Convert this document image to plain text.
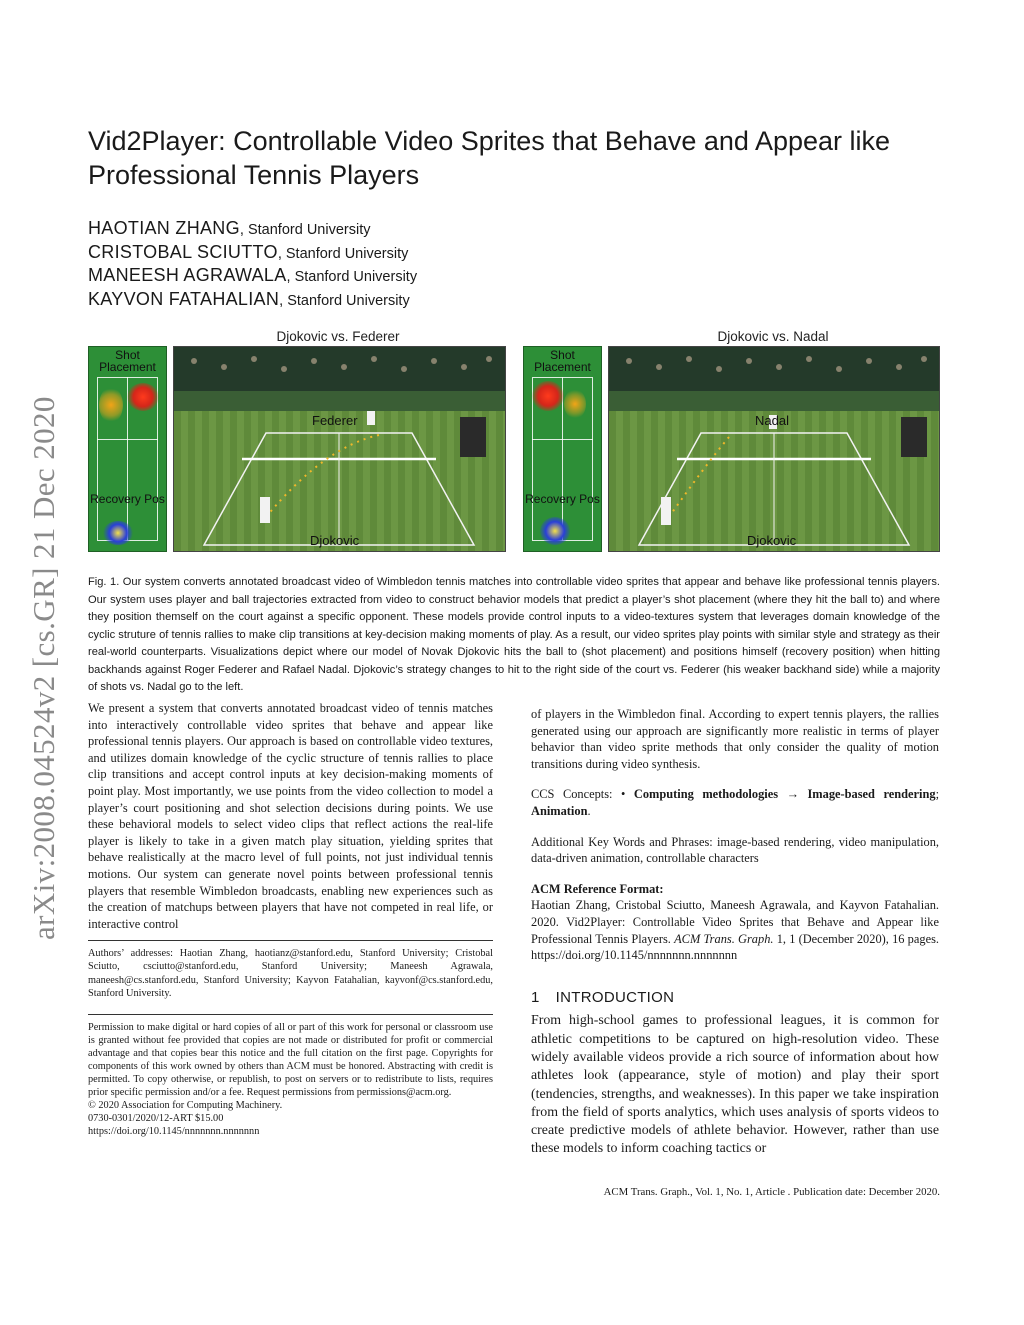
arXiv:2008.04524v2 [cs.GR] 21 Dec 2020
Vid2Player: Controllable Video Sprites that Behave and Appear like Professional Tennis Players
HAOTIAN ZHANG, Stanford University
CRISTOBAL SCIUTTO, Stanford University
MANEESH AGRAWALA, Stanford University
KAYVON FATAHALIAN, Stanford University
Djokovic vs. Federer
Shot Placement
Recovery Pos
Federer
Djokovic
Djokovic vs. Nadal
Shot Placement
Recovery Pos
Nadal
Djokovic
Fig. 1. Our system converts annotated broadcast video of Wimbledon tennis matches into controllable video sprites that appear and behave like professional tennis players. Our system uses player and ball trajectories extracted from video to construct behavior models that predict a player’s shot placement (where they hit the ball to) and where they position themself on the court against a specific opponent. These models provide control inputs to a video-textures system that leverages domain knowledge of the cyclic struture of tennis rallies to make clip transitions at key-decision making moments of play. As a result, our video sprites play points with similar style and strategy as their real-world counterparts. Visualizations depict where our model of Novak Djokovic hits the ball to (shot placement) and positions himself (recovery position) when hitting backhands against Roger Federer and Rafael Nadal. Djokovic’s strategy changes to hit to the right side of the court vs. Federer (his weaker backhand side) while a majority of shots vs. Nadal go to the left.

We present a system that converts annotated broadcast video of tennis matches into interactively controllable video sprites that behave and appear like professional tennis players. Our approach is based on controllable video textures, and utilizes domain knowledge of the cyclic structure of tennis rallies to place clip transitions and accept control inputs at key decision-making moments of point play. Most importantly, we use points from the video collection to model a player’s court positioning and shot selection decisions during points. We use these behavioral models to select video clips that reflect actions the real-life player is likely to take in a given match play situation, yielding sprites that behave realistically at the macro level of full points, not just individual tennis motions. Our system can generate novel points between professional tennis players that resemble Wimbledon broadcasts, enabling new experiences such as the creation of matchups between players that have not competed in real life, or interactive control

Authors’ addresses: Haotian Zhang, haotianz@stanford.edu, Stanford University; Cristobal Sciutto, csciutto@stanford.edu, Stanford University; Maneesh Agrawala, maneesh@cs.stanford.edu, Stanford University; Kayvon Fatahalian, kayvonf@cs.stanford.edu, Stanford University.

Permission to make digital or hard copies of all or part of this work for personal or classroom use is granted without fee provided that copies are not made or distributed for profit or commercial advantage and that copies bear this notice and the full citation on the first page. Copyrights for components of this work owned by others than ACM must be honored. Abstracting with credit is permitted. To copy otherwise, or republish, to post on servers or to redistribute to lists, requires prior specific permission and/or a fee. Request permissions from permissions@acm.org.

© 2020 Association for Computing Machinery.

0730-0301/2020/12-ART $15.00

https://doi.org/10.1145/nnnnnnn.nnnnnnn

of players in the Wimbledon final. According to expert tennis players, the rallies generated using our approach are significantly more realistic in terms of player behavior than video sprite methods that only consider the quality of motion transitions during video synthesis.

CCS Concepts: • Computing methodologies → Image-based rendering; Animation.

Additional Key Words and Phrases: image-based rendering, video manipulation, data-driven animation, controllable characters

ACM Reference Format:

Haotian Zhang, Cristobal Sciutto, Maneesh Agrawala, and Kayvon Fatahalian. 2020. Vid2Player: Controllable Video Sprites that Behave and Appear like Professional Tennis Players. ACM Trans. Graph. 1, 1 (December 2020), 16 pages. https://doi.org/10.1145/nnnnnnn.nnnnnnn

1 INTRODUCTION

From high-school games to professional leagues, it is common for athletic competitions to be captured on high-resolution video. These widely available videos provide a rich source of information about how athletes look (appearance, style of motion) and play their sport (tendencies, strengths, and weaknesses). In this paper we take inspiration from the field of sports analytics, which uses analysis of sports videos to create predictive models of athlete behavior. However, rather than use these models to inform coaching tactics or

ACM Trans. Graph., Vol. 1, No. 1, Article . Publication date: December 2020.
